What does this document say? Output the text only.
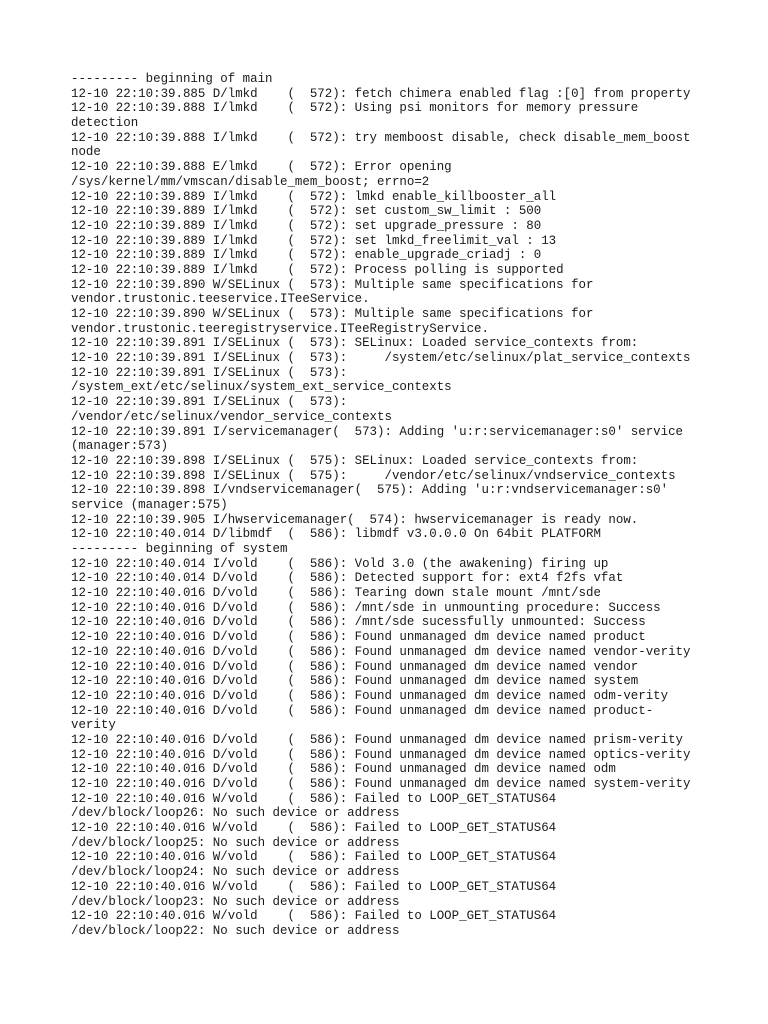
--------- beginning of main
12-10 22:10:39.885 D/lmkd    (  572): fetch chimera enabled flag :[0] from property
12-10 22:10:39.888 I/lmkd    (  572): Using psi monitors for memory pressure
detection
12-10 22:10:39.888 I/lmkd    (  572): try memboost disable, check disable_mem_boost
node
12-10 22:10:39.888 E/lmkd    (  572): Error opening
/sys/kernel/mm/vmscan/disable_mem_boost; errno=2
12-10 22:10:39.889 I/lmkd    (  572): lmkd enable_killbooster_all
12-10 22:10:39.889 I/lmkd    (  572): set custom_sw_limit : 500
12-10 22:10:39.889 I/lmkd    (  572): set upgrade_pressure : 80
12-10 22:10:39.889 I/lmkd    (  572): set lmkd_freelimit_val : 13
12-10 22:10:39.889 I/lmkd    (  572): enable_upgrade_criadj : 0
12-10 22:10:39.889 I/lmkd    (  572): Process polling is supported
12-10 22:10:39.890 W/SELinux (  573): Multiple same specifications for
vendor.trustonic.teeservice.ITeeService.
12-10 22:10:39.890 W/SELinux (  573): Multiple same specifications for
vendor.trustonic.teeregistryservice.ITeeRegistryService.
12-10 22:10:39.891 I/SELinux (  573): SELinux: Loaded service_contexts from:
12-10 22:10:39.891 I/SELinux (  573):     /system/etc/selinux/plat_service_contexts
12-10 22:10:39.891 I/SELinux (  573):
/system_ext/etc/selinux/system_ext_service_contexts
12-10 22:10:39.891 I/SELinux (  573):
/vendor/etc/selinux/vendor_service_contexts
12-10 22:10:39.891 I/servicemanager(  573): Adding 'u:r:servicemanager:s0' service
(manager:573)
12-10 22:10:39.898 I/SELinux (  575): SELinux: Loaded service_contexts from:
12-10 22:10:39.898 I/SELinux (  575):     /vendor/etc/selinux/vndservice_contexts
12-10 22:10:39.898 I/vndservicemanager(  575): Adding 'u:r:vndservicemanager:s0'
service (manager:575)
12-10 22:10:39.905 I/hwservicemanager(  574): hwservicemanager is ready now.
12-10 22:10:40.014 D/libmdf  (  586): libmdf v3.0.0.0 On 64bit PLATFORM
--------- beginning of system
12-10 22:10:40.014 I/vold    (  586): Vold 3.0 (the awakening) firing up
12-10 22:10:40.014 D/vold    (  586): Detected support for: ext4 f2fs vfat
12-10 22:10:40.016 D/vold    (  586): Tearing down stale mount /mnt/sde
12-10 22:10:40.016 D/vold    (  586): /mnt/sde in unmounting procedure: Success
12-10 22:10:40.016 D/vold    (  586): /mnt/sde sucessfully unmounted: Success
12-10 22:10:40.016 D/vold    (  586): Found unmanaged dm device named product
12-10 22:10:40.016 D/vold    (  586): Found unmanaged dm device named vendor-verity
12-10 22:10:40.016 D/vold    (  586): Found unmanaged dm device named vendor
12-10 22:10:40.016 D/vold    (  586): Found unmanaged dm device named system
12-10 22:10:40.016 D/vold    (  586): Found unmanaged dm device named odm-verity
12-10 22:10:40.016 D/vold    (  586): Found unmanaged dm device named product-
verity
12-10 22:10:40.016 D/vold    (  586): Found unmanaged dm device named prism-verity
12-10 22:10:40.016 D/vold    (  586): Found unmanaged dm device named optics-verity
12-10 22:10:40.016 D/vold    (  586): Found unmanaged dm device named odm
12-10 22:10:40.016 D/vold    (  586): Found unmanaged dm device named system-verity
12-10 22:10:40.016 W/vold    (  586): Failed to LOOP_GET_STATUS64
/dev/block/loop26: No such device or address
12-10 22:10:40.016 W/vold    (  586): Failed to LOOP_GET_STATUS64
/dev/block/loop25: No such device or address
12-10 22:10:40.016 W/vold    (  586): Failed to LOOP_GET_STATUS64
/dev/block/loop24: No such device or address
12-10 22:10:40.016 W/vold    (  586): Failed to LOOP_GET_STATUS64
/dev/block/loop23: No such device or address
12-10 22:10:40.016 W/vold    (  586): Failed to LOOP_GET_STATUS64
/dev/block/loop22: No such device or address
